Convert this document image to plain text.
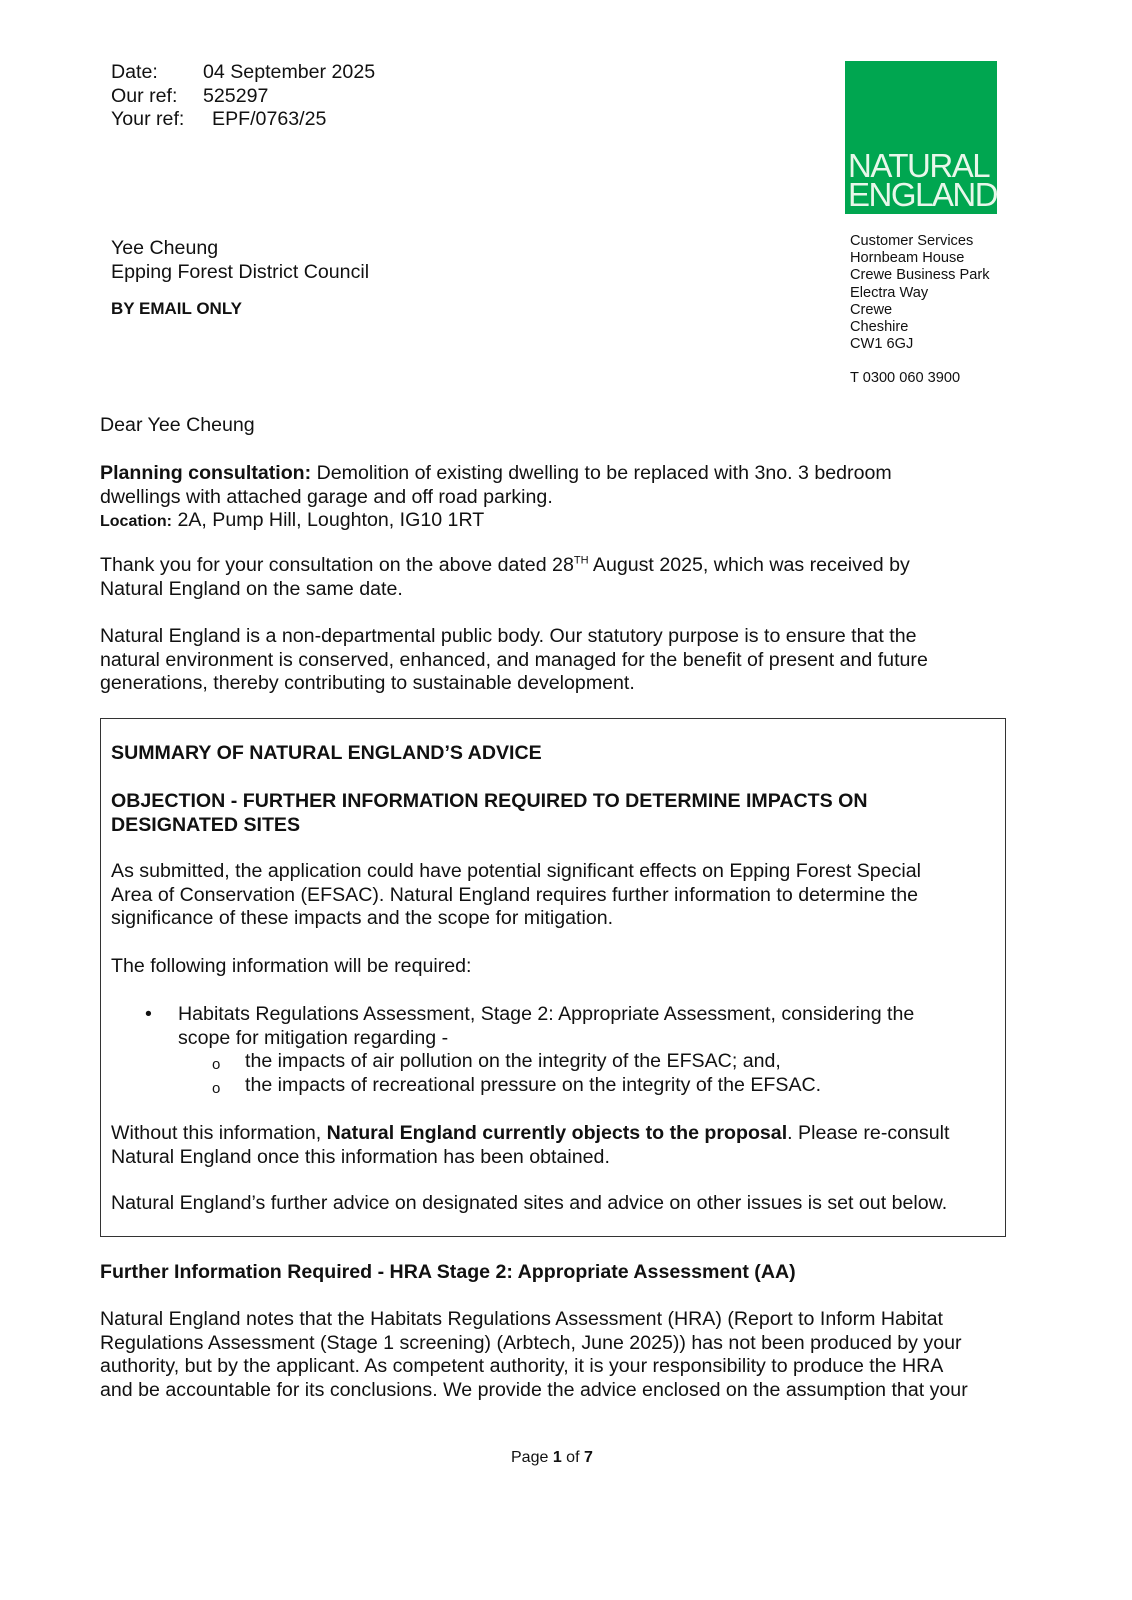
Date:	04 September 2025
Our ref:	525297
Your ref:	EPF/0763/25
NATURAL
ENGLAND
Customer Services
Hornbeam House
Crewe Business Park
Electra Way
Crewe
Cheshire
CW1 6GJ
T 0300 060 3900
Yee Cheung
Epping Forest District Council
BY EMAIL ONLY
Dear Yee Cheung
Planning consultation: Demolition of existing dwelling to be replaced with 3no. 3 bedroom
dwellings with attached garage and off road parking.
Location: 2A, Pump Hill, Loughton, IG10 1RT
Thank you for your consultation on the above dated 28TH August 2025, which was received by
Natural England on the same date.
Natural England is a non-departmental public body. Our statutory purpose is to ensure that the
natural environment is conserved, enhanced, and managed for the benefit of present and future
generations, thereby contributing to sustainable development.
SUMMARY OF NATURAL ENGLAND’S ADVICE
OBJECTION - FURTHER INFORMATION REQUIRED TO DETERMINE IMPACTS ON
DESIGNATED SITES
As submitted, the application could have potential significant effects on Epping Forest Special
Area of Conservation (EFSAC). Natural England requires further information to determine the
significance of these impacts and the scope for mitigation.
The following information will be required:
• Habitats Regulations Assessment, Stage 2: Appropriate Assessment, considering the
scope for mitigation regarding -
o the impacts of air pollution on the integrity of the EFSAC; and,
o the impacts of recreational pressure on the integrity of the EFSAC.
Without this information, Natural England currently objects to the proposal. Please re-consult
Natural England once this information has been obtained.
Natural England’s further advice on designated sites and advice on other issues is set out below.
Further Information Required - HRA Stage 2: Appropriate Assessment (AA)
Natural England notes that the Habitats Regulations Assessment (HRA) (Report to Inform Habitat
Regulations Assessment (Stage 1 screening) (Arbtech, June 2025)) has not been produced by your
authority, but by the applicant. As competent authority, it is your responsibility to produce the HRA
and be accountable for its conclusions. We provide the advice enclosed on the assumption that your
Page 1 of 7
